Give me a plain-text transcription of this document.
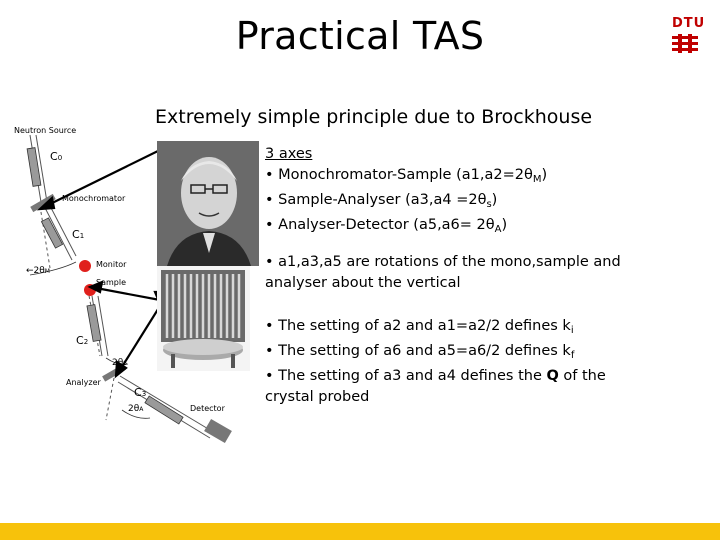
Practical TAS	DTU
Extremely simple principle due to Brockhouse
Neutron Source
C0
Monochromator
C1
←2θM
Monitor
Sample
C2
2θS
Analyzer
C3
2θA	Detector
3 axes
• Monochromator-Sample $(a1,a2=2\theta_M)$
• Sample-Analyser $(a3,a4 =2\theta_s)$
• Analyser-Detector $(a5,a6= 2\theta_A)$
• a1,a3,a5 are rotations of the mono,sample and
analyser about the vertical
• The setting of a2 and a1=a2/2 defines $k_i$
• The setting of a6 and a5=a6/2 defines $k_f$
• The setting of a3 and a4 defines the Q of the
crystal probed
